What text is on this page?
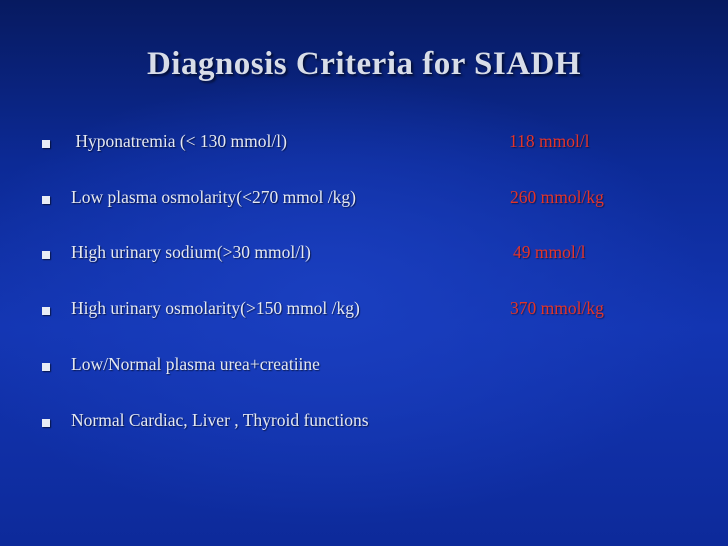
Diagnosis Criteria for SIADH
Hyponatremia (< 130 mmol/l)	118 mmol/l
Low plasma osmolarity(<270 mmol /kg)	260 mmol/kg
High urinary sodium(>30 mmol/l)	49 mmol/l
High urinary osmolarity(>150 mmol /kg)	370 mmol/kg
Low/Normal plasma urea+creatiine
Normal Cardiac, Liver , Thyroid functions
